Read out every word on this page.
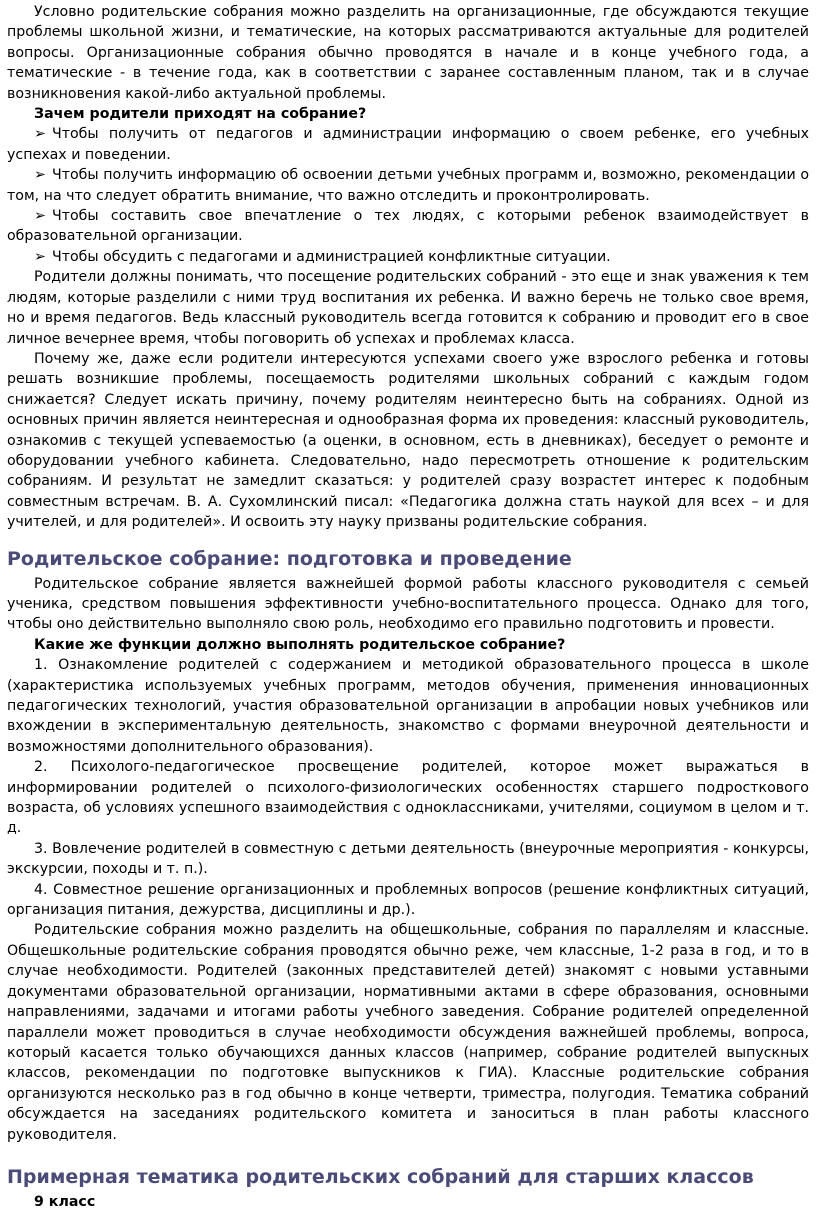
Условно родительские собрания можно разделить на организационные, где обсуждаются текущие проблемы школьной жизни, и тематические, на которых рассматриваются актуальные для родителей вопросы. Организационные собрания обычно проводятся в начале и в конце учебного года, а тематические - в течение года, как в соответствии с заранее составленным планом, так и в случае возникновения какой-либо актуальной проблемы.

Зачем родители приходят на собрание?

➢ Чтобы получить от педагогов и администрации информацию о своем ребенке, его учебных успехах и поведении.

➢ Чтобы получить информацию об освоении детьми учебных программ и, возможно, рекомендации о том, на что следует обратить внимание, что важно отследить и проконтролировать.

➢ Чтобы составить свое впечатление о тех людях, с которыми ребенок взаимодействует в образовательной организации.

➢ Чтобы обсудить с педагогами и администрацией конфликтные ситуации.

Родители должны понимать, что посещение родительских собраний - это еще и знак уважения к тем людям, которые разделили с ними труд воспитания их ребенка. И важно беречь не только свое время, но и время педагогов. Ведь классный руководитель всегда готовится к собранию и проводит его в свое личное вечернее время, чтобы поговорить об успехах и проблемах класса.

Почему же, даже если родители интересуются успехами своего уже взрослого ребенка и готовы решать возникшие проблемы, посещаемость родителями школьных собраний с каждым годом снижается? Следует искать причину, почему родителям неинтересно быть на собраниях. Одной из основных причин является неинтересная и однообразная форма их проведения: классный руководитель, ознакомив с текущей успеваемостью (а оценки, в основном, есть в дневниках), беседует о ремонте и оборудовании учебного кабинета. Следовательно, надо пересмотреть отношение к родительским собраниям. И результат не замедлит сказаться: у родителей сразу возрастет интерес к подобным совместным встречам. В. А. Сухомлинский писал: «Педагогика должна стать наукой для всех – и для учителей, и для родителей». И освоить эту науку призваны родительские собрания.

Родительское собрание: подготовка и проведение

Родительское собрание является важнейшей формой работы классного руководителя с семьей ученика, средством повышения эффективности учебно-воспитательного процесса. Однако для того, чтобы оно действительно выполняло свою роль, необходимо его правильно подготовить и провести.

Какие же функции должно выполнять родительское собрание?

1. Ознакомление родителей с содержанием и методикой образовательного процесса в школе (характеристика используемых учебных программ, методов обучения, применения инновационных педагогических технологий, участия образовательной организации в апробации новых учебников или вхождении в экспериментальную деятельность, знакомство с формами внеурочной деятельности и возможностями дополнительного образования).

2. Психолого-педагогическое просвещение родителей, которое может выражаться в информировании родителей о психолого-физиологических особенностях старшего подросткового возраста, об условиях успешного взаимодействия с одноклассниками, учителями, социумом в целом и т. д.

3. Вовлечение родителей в совместную с детьми деятельность (внеурочные мероприятия - конкурсы, экскурсии, походы и т. п.).

4. Совместное решение организационных и проблемных вопросов (решение конфликтных ситуаций, организация питания, дежурства, дисциплины и др.).

Родительские собрания можно разделить на общешкольные, собрания по параллелям и классные. Общешкольные родительские собрания проводятся обычно реже, чем классные, 1-2 раза в год, и то в случае необходимости. Родителей (законных представителей детей) знакомят с новыми уставными документами образовательной организации, нормативными актами в сфере образования, основными направлениями, задачами и итогами работы учебного заведения. Собрание родителей определенной параллели может проводиться в случае необходимости обсуждения важнейшей проблемы, вопроса, который касается только обучающихся данных классов (например, собрание родителей выпускных классов, рекомендации по подготовке выпускников к ГИА). Классные родительские собрания организуются несколько раз в год обычно в конце четверти, триместра, полугодия. Тематика собраний обсуждается на заседаниях родительского комитета и заноситься в план работы классного руководителя.

Примерная тематика родительских собраний для старших классов

9 класс
